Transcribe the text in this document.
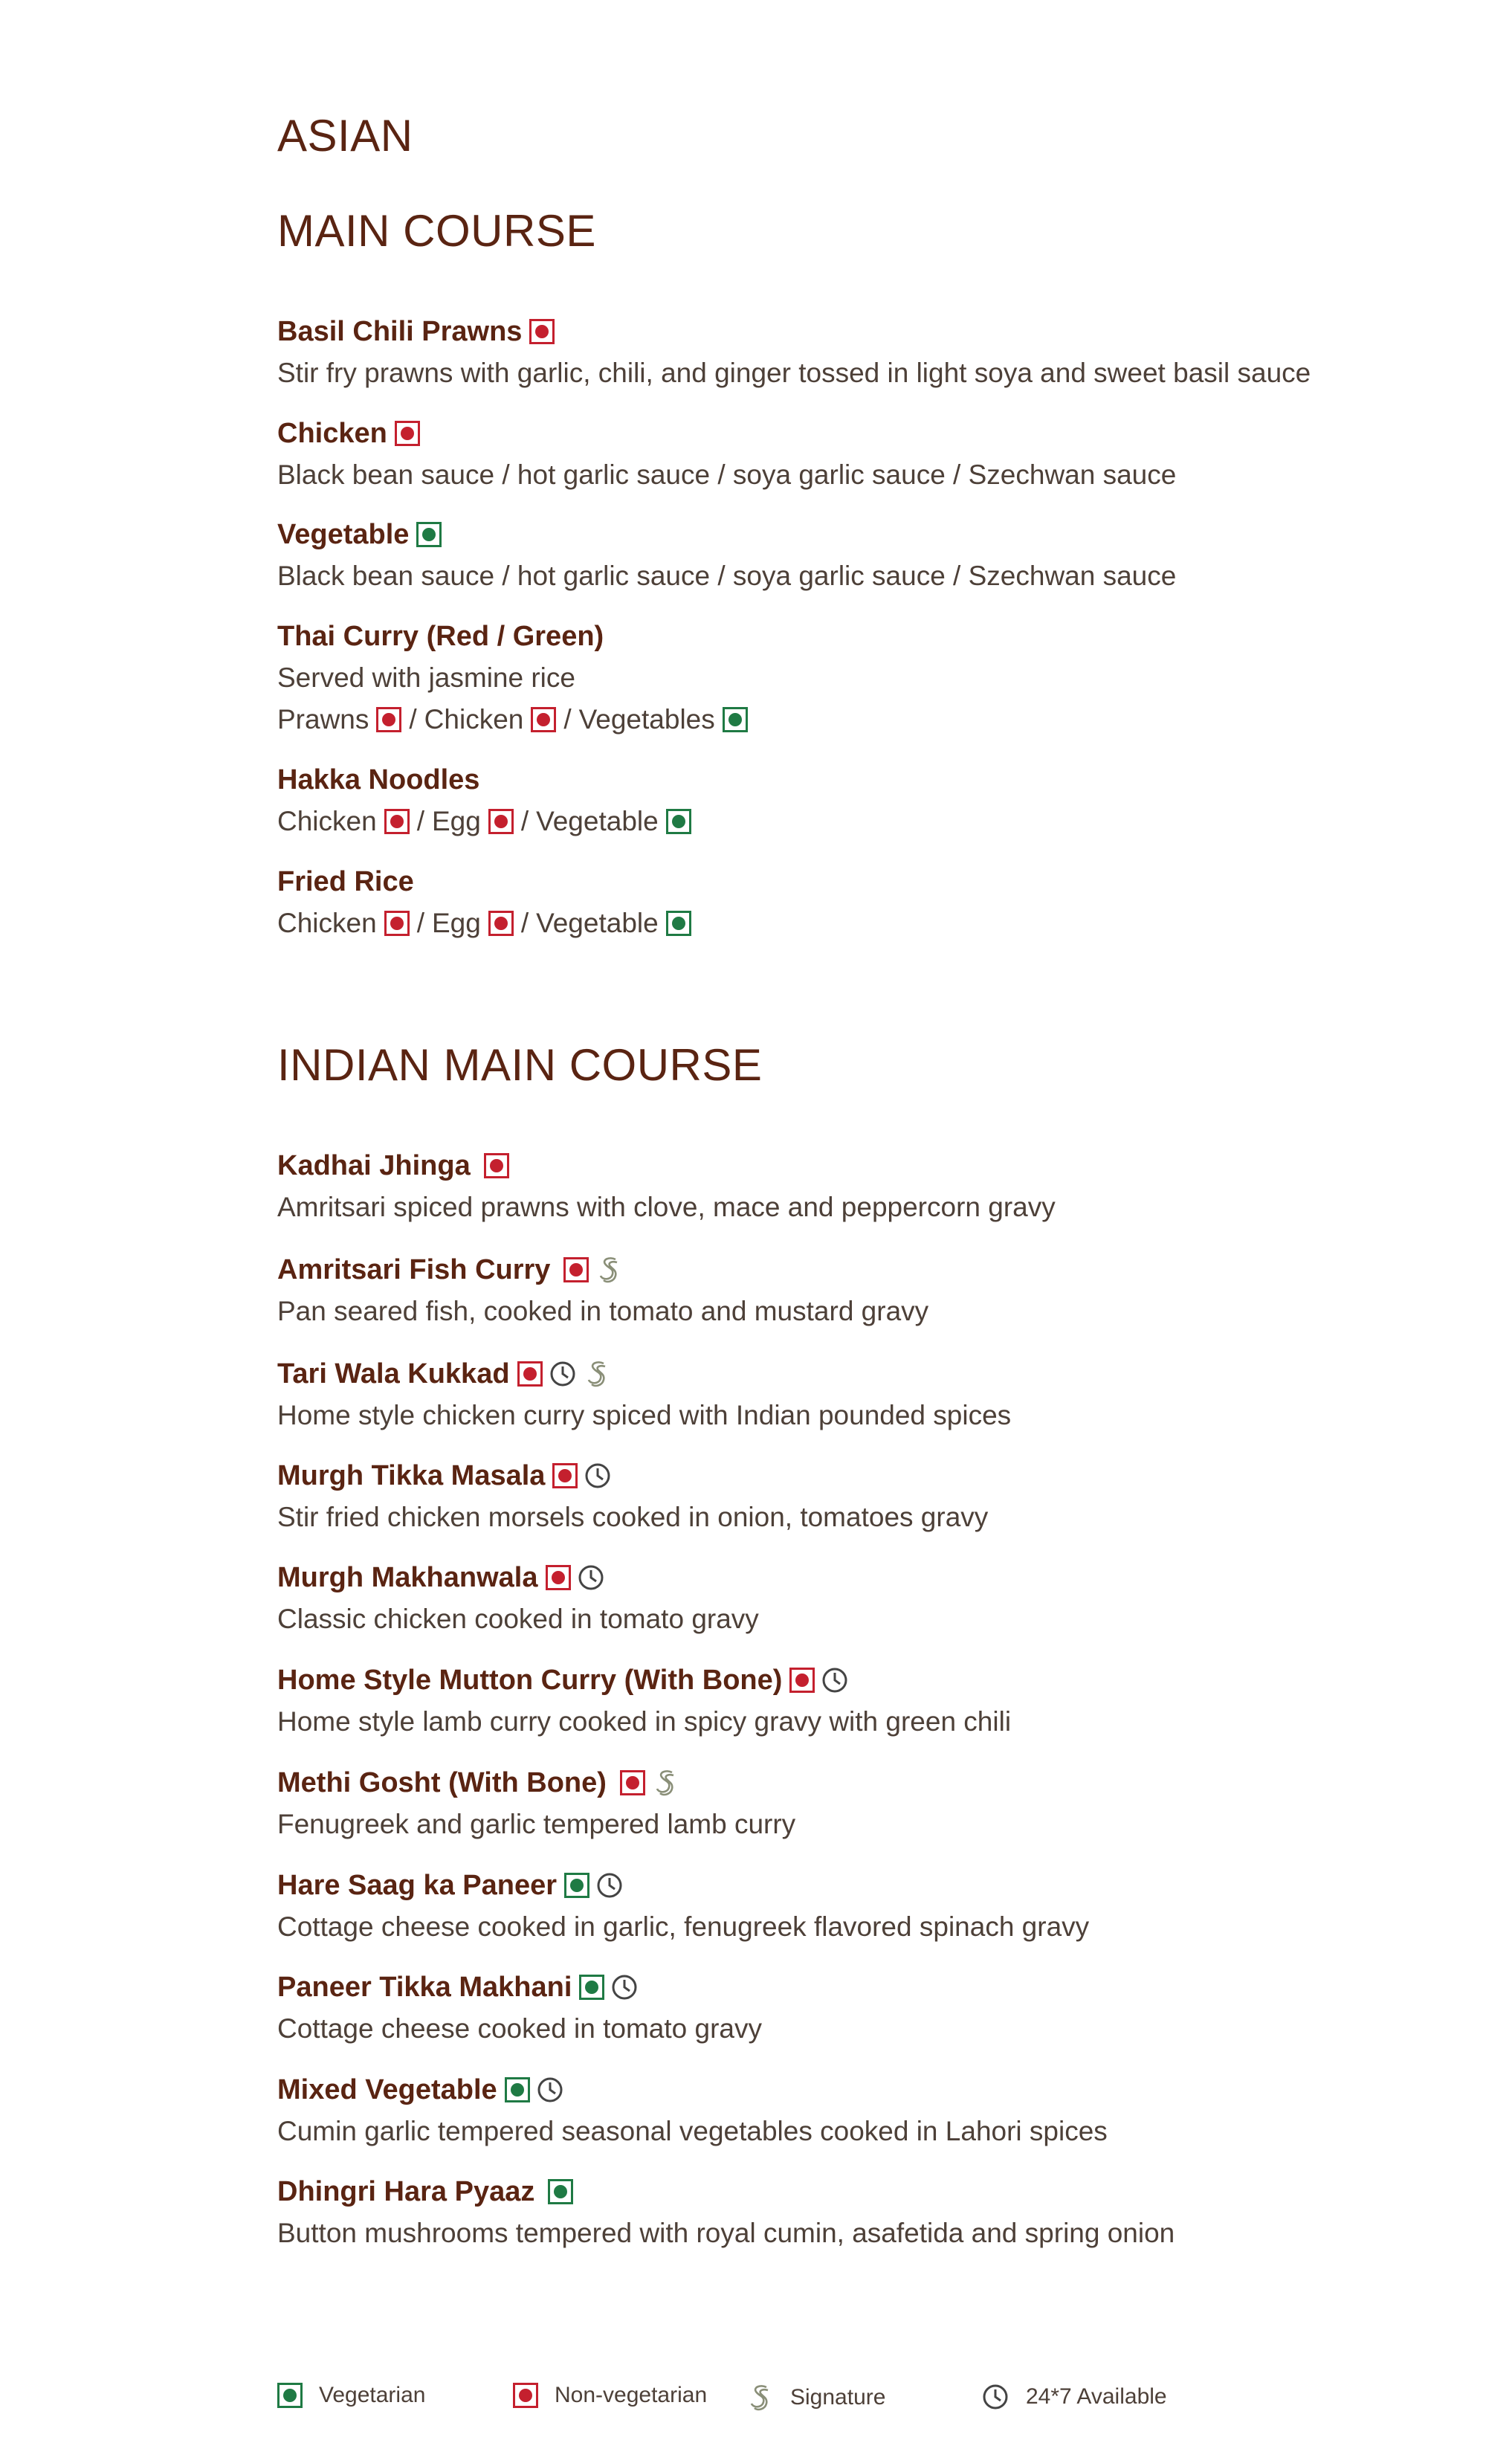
ASIAN
MAIN COURSE
Basil Chili Prawns
Stir fry prawns with garlic, chili, and ginger tossed in light soya and sweet basil sauce
Chicken
Black bean sauce / hot garlic sauce / soya garlic sauce / Szechwan sauce
Vegetable
Black bean sauce / hot garlic sauce / soya garlic sauce / Szechwan sauce
Thai Curry (Red / Green)
Served with jasmine rice
Prawns / Chicken / Vegetables
Hakka Noodles
Chicken / Egg / Vegetable
Fried Rice
Chicken / Egg / Vegetable
INDIAN MAIN COURSE
Kadhai Jhinga
Amritsari spiced prawns with clove, mace and peppercorn gravy
Amritsari Fish Curry
Pan seared fish, cooked in tomato and mustard gravy
Tari Wala Kukkad
Home style chicken curry spiced with Indian pounded spices
Murgh Tikka Masala
Stir fried chicken morsels cooked in onion, tomatoes gravy
Murgh Makhanwala
Classic chicken cooked in tomato gravy
Home Style Mutton Curry (With Bone)
Home style lamb curry cooked in spicy gravy with green chili
Methi Gosht (With Bone)
Fenugreek and garlic tempered lamb curry
Hare Saag ka Paneer
Cottage cheese cooked in garlic, fenugreek flavored spinach gravy
Paneer Tikka Makhani
Cottage cheese cooked in tomato gravy
Mixed Vegetable
Cumin garlic tempered seasonal vegetables cooked in Lahori spices
Dhingri Hara Pyaaz
Button mushrooms tempered with royal cumin, asafetida and spring onion
Vegetarian	Non-vegetarian	Signature	24*7 Available
